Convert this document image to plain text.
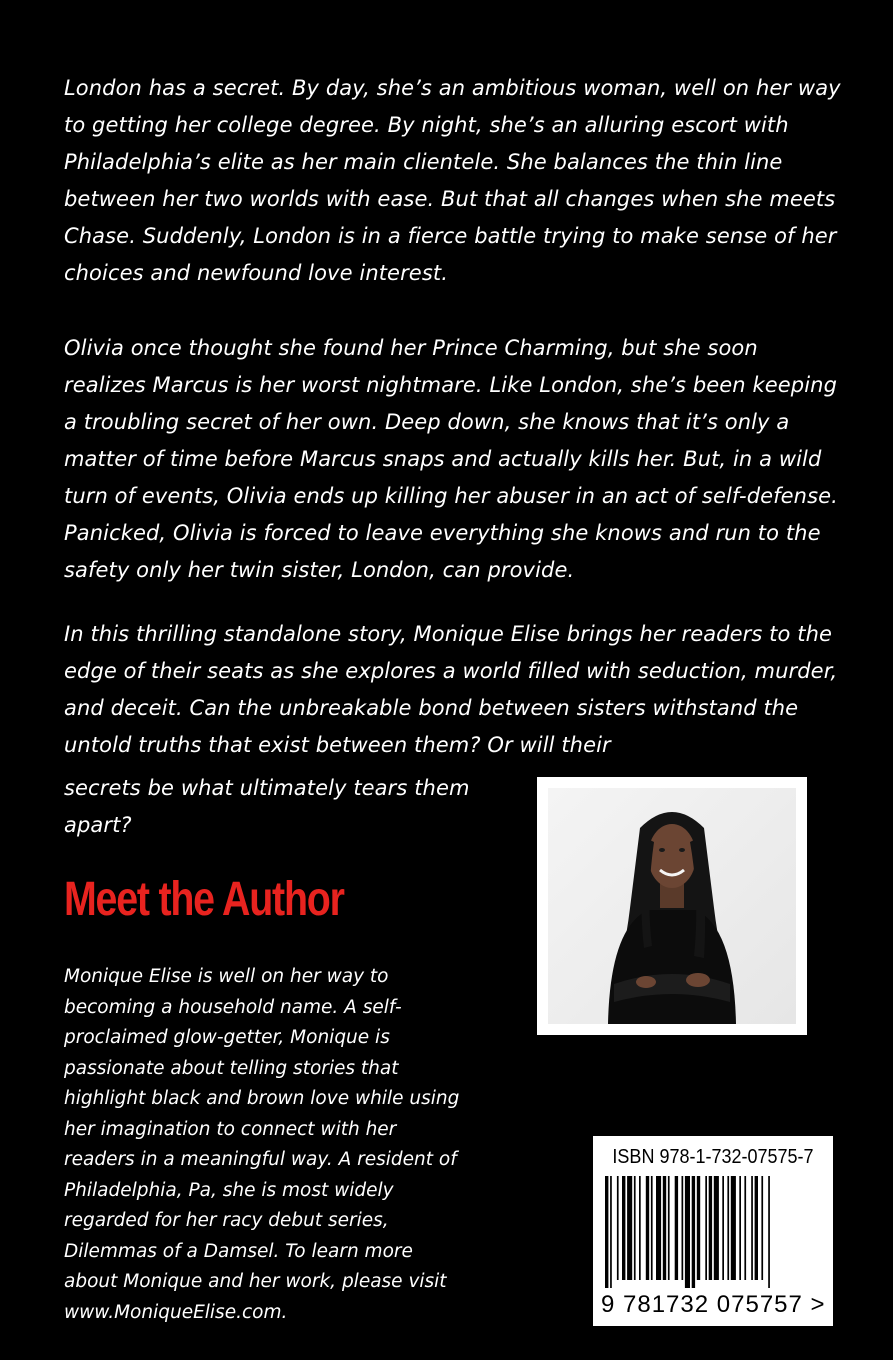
London has a secret. By day, she’s an ambitious woman, well on her way to getting her college degree. By night, she’s an alluring escort with Philadelphia’s elite as her main clientele. She balances the thin line between her two worlds with ease. But that all changes when she meets Chase. Suddenly, London is in a fierce battle trying to make sense of her choices and newfound love interest.
Olivia once thought she found her Prince Charming, but she soon realizes Marcus is her worst nightmare. Like London, she’s been keeping a troubling secret of her own. Deep down, she knows that it’s only a matter of time before Marcus snaps and actually kills her. But, in a wild turn of events, Olivia ends up killing her abuser in an act of self-defense. Panicked, Olivia is forced to leave everything she knows and run to the safety only her twin sister, London, can provide.
In this thrilling standalone story, Monique Elise brings her readers to the edge of their seats as she explores a world filled with seduction, murder, and deceit. Can the unbreakable bond between sisters withstand the untold truths that exist between them? Or will their
secrets be what ultimately tears them apart?
Meet the Author
Monique Elise is well on her way to becoming a household name. A self-proclaimed glow-getter, Monique is passionate about telling stories that highlight black and brown love while using her imagination to connect with her readers in a meaningful way. A resident of Philadelphia, Pa, she is most widely regarded for her racy debut series, Dilemmas of a Damsel. To learn more about Monique and her work, please visit www.MoniqueElise.com.
ISBN 978-1-732-07575-7
9 781732 075757 >
